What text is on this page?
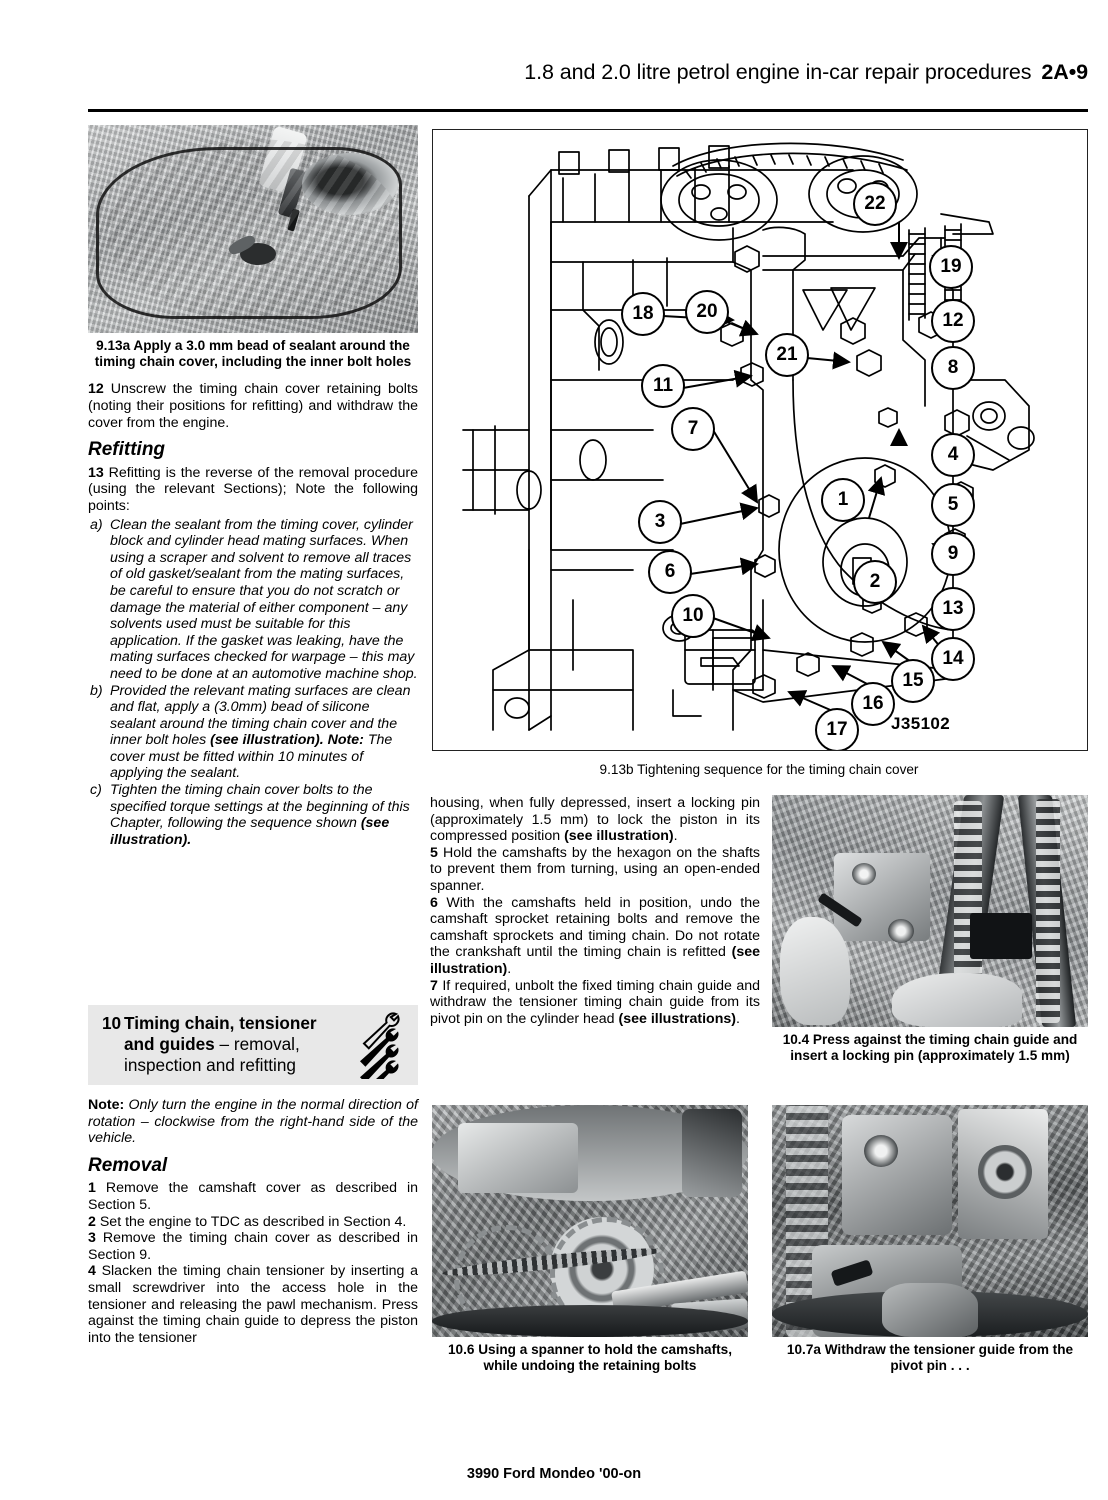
1.8 and 2.0 litre petrol engine in-car repair procedures 2A•9
9.13a Apply a 3.0 mm bead of sealant around the timing chain cover, including the inner bolt holes

12 Unscrew the timing chain cover retaining bolts (noting their positions for refitting) and withdraw the cover from the engine.

Refitting

13 Refitting is the reverse of the removal procedure (using the relevant Sections); Note the following points:

a) Clean the sealant from the timing cover, cylinder block and cylinder head mating surfaces. When using a scraper and solvent to remove all traces of old gasket/sealant from the mating surfaces, be careful to ensure that you do not scratch or damage the material of either component – any solvents used must be suitable for this application. If the gasket was leaking, have the mating surfaces checked for warpage – this may need to be done at an automotive machine shop.
b) Provided the relevant mating surfaces are clean and flat, apply a (3.0mm) bead of silicone sealant around the timing chain cover and the inner bolt holes (see illustration). Note: The cover must be fitted within 10 minutes of applying the sealant.
c) Tighten the timing chain cover bolts to the specified torque settings at the beginning of this Chapter, following the sequence shown (see illustration).
10 Timing chain, tensioner and guides – removal, inspection and refitting

Note: Only turn the engine in the normal direction of rotation – clockwise from the right-hand side of the vehicle.

Removal

1 Remove the camshaft cover as described in Section 5.

2 Set the engine to TDC as described in Section 4.

3 Remove the timing chain cover as described in Section 9.

4 Slacken the timing chain tensioner by inserting a small screwdriver into the access hole in the tensioner and releasing the pawl mechanism. Press against the timing chain guide to depress the piston into the tensioner

22
19
18	20	12
21
8
11
7
4
1	5
3
9
6	2
13
10
14
15
16
17	J35102
9.13b Tightening sequence for the timing chain cover

housing, when fully depressed, insert a locking pin (approximately 1.5 mm) to lock the piston in its compressed position (see illustration).

5 Hold the camshafts by the hexagon on the shafts to prevent them from turning, using an open-ended spanner.

6 With the camshafts held in position, undo the camshaft sprocket retaining bolts and remove the camshaft sprockets and timing chain. Do not rotate the crankshaft until the timing chain is refitted (see illustration).

7 If required, unbolt the fixed timing chain guide and withdraw the tensioner timing chain guide from its pivot pin on the cylinder head (see illustrations).

10.4 Press against the timing chain guide and insert a locking pin (approximately 1.5 mm)
10.6 Using a spanner to hold the camshafts, while undoing the retaining bolts
10.7a Withdraw the tensioner guide from the pivot pin . . .
3990 Ford Mondeo '00-on
